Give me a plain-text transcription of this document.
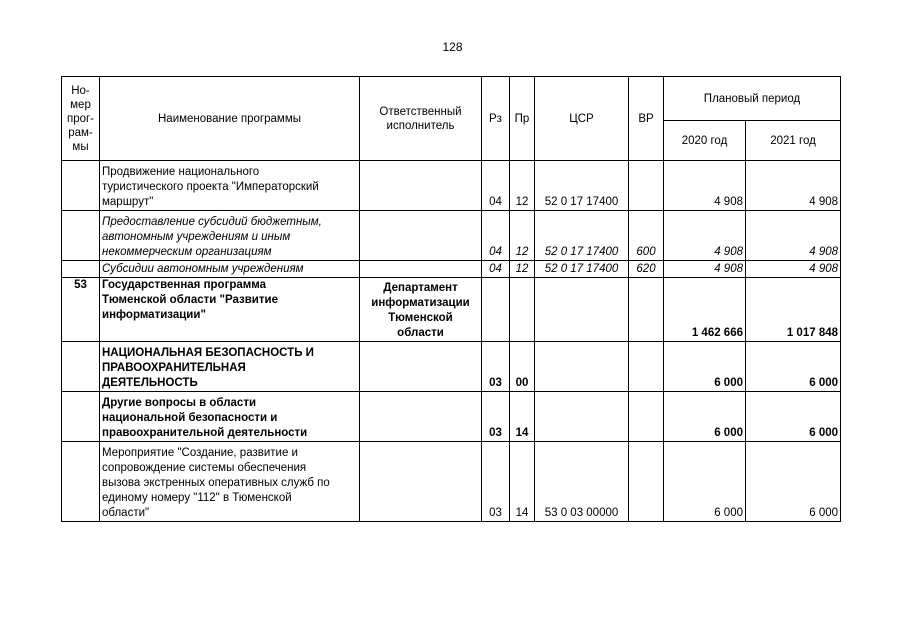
128
Но-
мер
прог-
рам-
мы	Наименование программы	Ответственный
исполнитель	Рз	Пр	ЦСР	ВР	Плановый период	
							2020 год	2021 год
	Продвижение национального
туристического проекта "Императорский
маршрут"		04	12	52 0 17 17400		4 908	4 908
	Предоставление субсидий бюджетным,
автономным учреждениям и иным
некоммерческим организациям		04	12	52 0 17 17400	600	4 908	4 908
	Субсидии автономным учреждениям		04	12	52 0 17 17400	620	4 908	4 908
53	Государственная программа
Тюменской области "Развитие
информатизации"	Департамент
информатизации
Тюменской
области					1 462 666	1 017 848
	НАЦИОНАЛЬНАЯ БЕЗОПАСНОСТЬ И
ПРАВООХРАНИТЕЛЬНАЯ
ДЕЯТЕЛЬНОСТЬ		03	00			6 000	6 000
	Другие вопросы в области
национальной безопасности и
правоохранительной деятельности		03	14			6 000	6 000
	Мероприятие "Создание, развитие и
сопровождение системы обеспечения
вызова экстренных оперативных служб по
единому номеру "112" в Тюменской
области"		03	14	53 0 03 00000		6 000	6 000
